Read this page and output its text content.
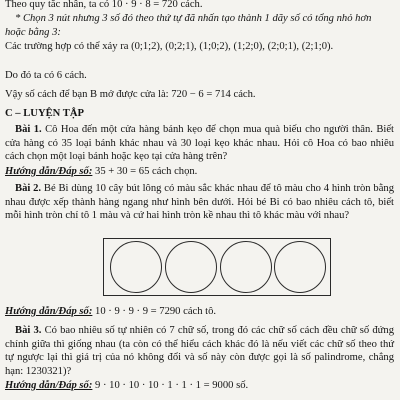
Theo quy tắc nhân, ta có 10 · 9 · 8 = 720 cách.

* Chọn 3 nút nhưng 3 số đó theo thứ tự đã nhấn tạo thành 1 dãy số có tổng nhỏ hơn hoặc bằng 3:

Các trường hợp có thể xảy ra (0;1;2), (0;2;1), (1;0;2), (1;2;0), (2;0;1), (2;1;0).

Do đó ta có 6 cách.

Vậy số cách để bạn B mở được cửa là: 720 − 6 = 714 cách.

C – LUYỆN TẬP

Bài 1. Cô Hoa đến một cửa hàng bánh kẹo để chọn mua quà biếu cho người thân. Biết cửa hàng có 35 loại bánh khác nhau và 30 loại kẹo khác nhau. Hỏi cô Hoa có bao nhiêu cách chọn một loại bánh hoặc kẹo tại cửa hàng trên?

Hướng dẫn/Đáp số: 35 + 30 = 65 cách chọn.

Bài 2. Bé Bi dùng 10 cây bút lông có màu sắc khác nhau để tô màu cho 4 hình tròn bằng nhau được xếp thành hàng ngang như hình bên dưới. Hỏi bé Bi có bao nhiêu cách tô, biết mỗi hình tròn chỉ tô 1 màu và cứ hai hình tròn kề nhau thì tô khác màu với nhau?

Hướng dẫn/Đáp số: 10 · 9 · 9 · 9 = 7290 cách tô.

Bài 3. Có bao nhiêu số tự nhiên có 7 chữ số, trong đó các chữ số cách đều chữ số đứng chính giữa thì giống nhau (ta còn có thể hiểu cách khác đó là nếu viết các chữ số theo thứ tự ngược lại thì giá trị của nó không đổi và số này còn được gọi là số palindrome, chẳng hạn: 1230321)?

Hướng dẫn/Đáp số: 9 · 10 · 10 · 10 · 1 · 1 · 1 = 9000 số.
